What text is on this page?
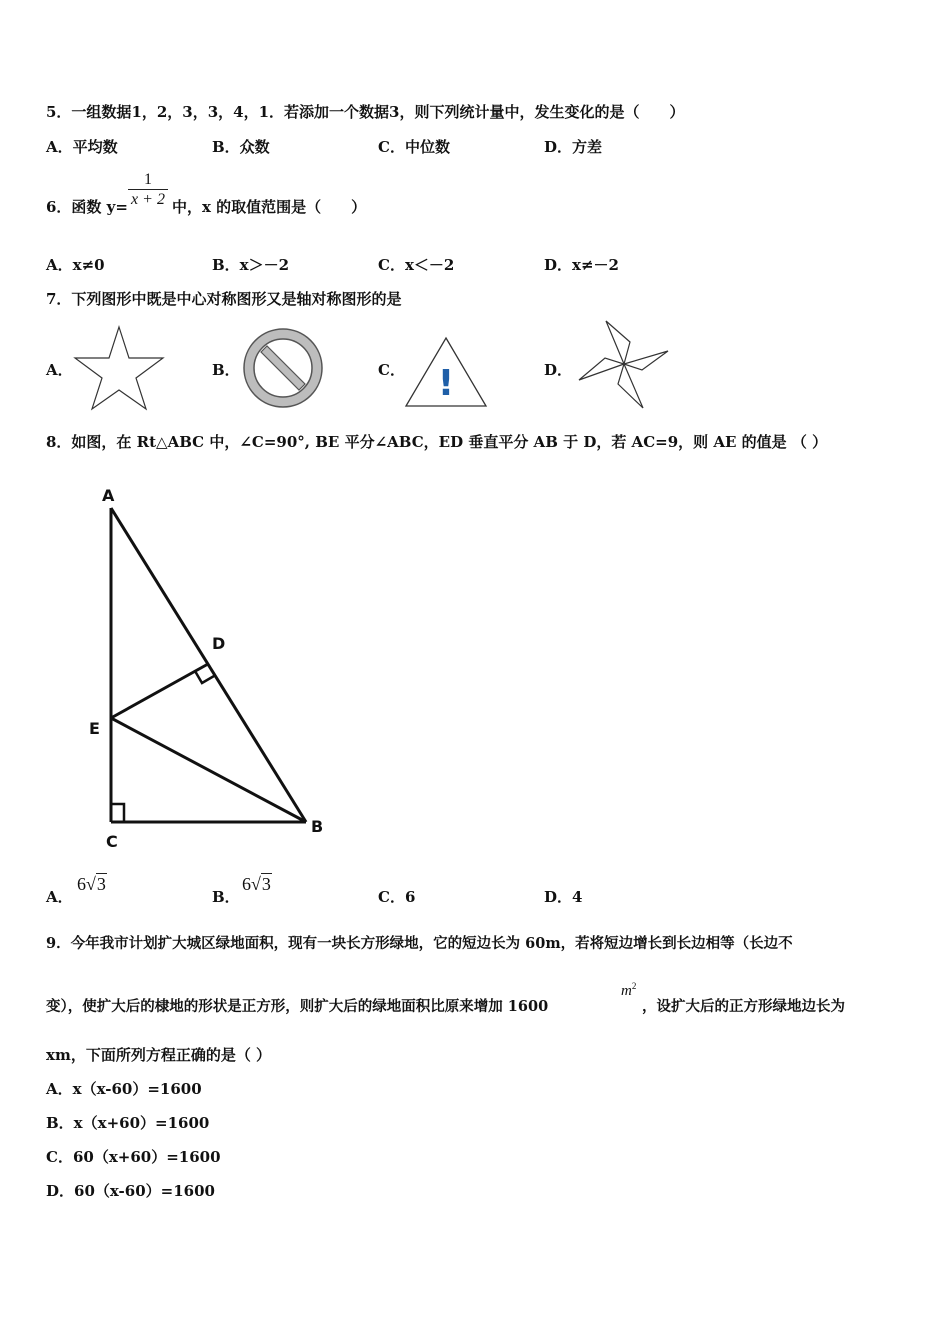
5．一组数据1，2，3，3，4，1．若添加一个数据3，则下列统计量中，发生变化的是（　　）
A．平均数	B．众数	C．中位数	D．方差
6．函数 y=
1
x + 2 中，x 的取值范围是（　　）
A．x≠0	B．x＞－2	C．x＜－2	D．x≠－2
7．下列图形中既是中心对称图形又是轴对称图形的是
A．	B．	C．	D．
!
8．如图，在 Rt△ABC 中，∠C=90°, BE 平分∠ABC，ED 垂直平分 AB 于 D，若 AC=9，则 AE 的值是 （ ）
A
B
C
D
E
A．
6√3
B．
6√3
C．6	D．4
9．今年我市计划扩大城区绿地面积，现有一块长方形绿地，它的短边长为 60m，若将短边增长到长边相等（长边不
变），使扩大后的棣地的形状是正方形，则扩大后的绿地面积比原来增加 1600
$m^2$
，设扩大后的正方形绿地边长为
xm，下面所列方程正确的是（ ）
A．x（x-60）=1600
B．x（x+60）=1600
C．60（x+60）=1600
D．60（x-60）=1600
